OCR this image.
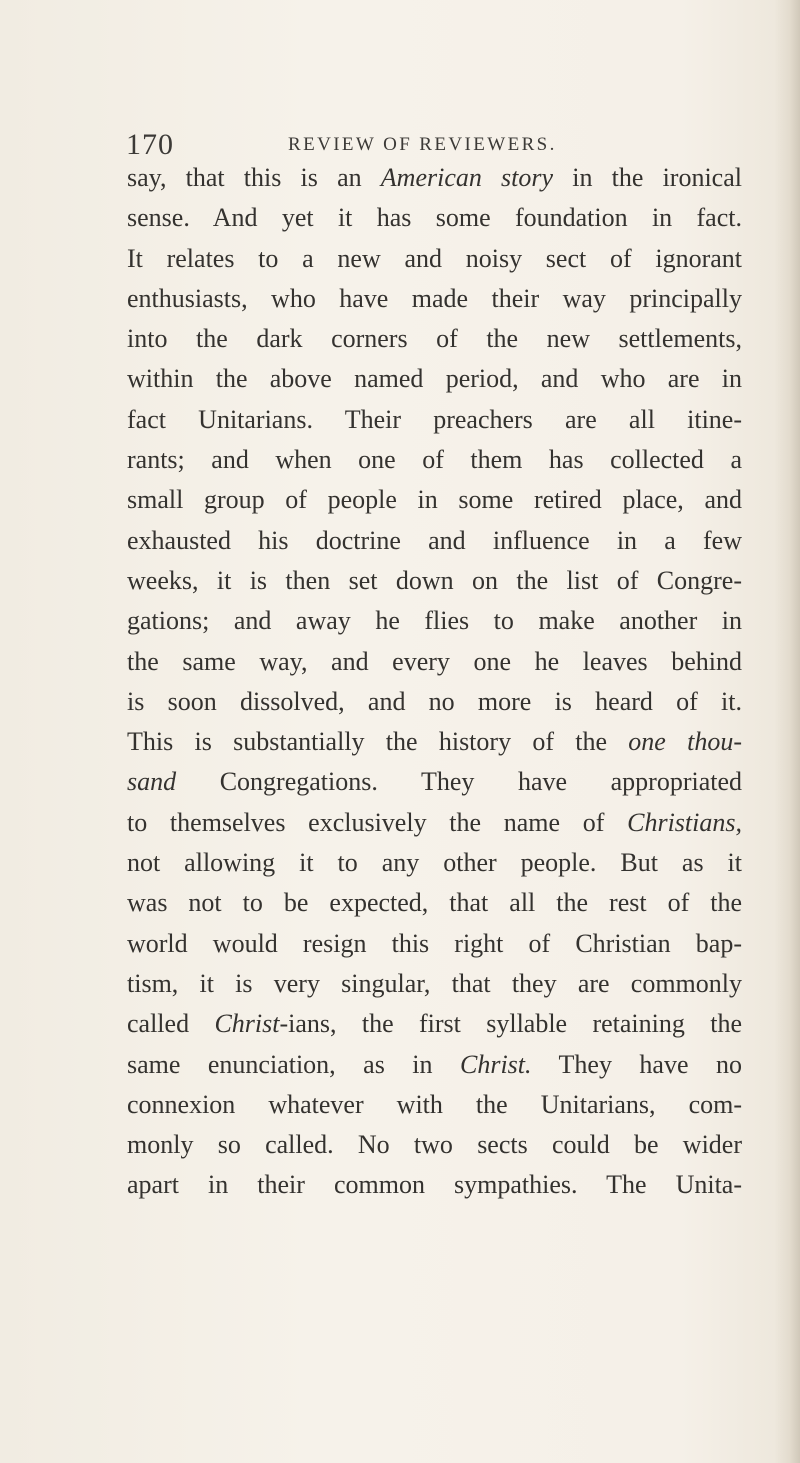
170	REVIEW OF REVIEWERS.
say, that this is an American story in the ironical
sense. And yet it has some foundation in fact.
It relates to a new and noisy sect of ignorant
enthusiasts, who have made their way principally
into the dark corners of the new settlements,
within the above named period, and who are in
fact Unitarians. Their preachers are all itine-
rants; and when one of them has collected a
small group of people in some retired place, and
exhausted his doctrine and influence in a few
weeks, it is then set down on the list of Congre-
gations; and away he flies to make another in
the same way, and every one he leaves behind
is soon dissolved, and no more is heard of it.
This is substantially the history of the one thou-
sand Congregations. They have appropriated
to themselves exclusively the name of Christians,
not allowing it to any other people. But as it
was not to be expected, that all the rest of the
world would resign this right of Christian bap-
tism, it is very singular, that they are commonly
called Christ-ians, the first syllable retaining the
same enunciation, as in Christ. They have no
connexion whatever with the Unitarians, com-
monly so called. No two sects could be wider
apart in their common sympathies. The Unita-
